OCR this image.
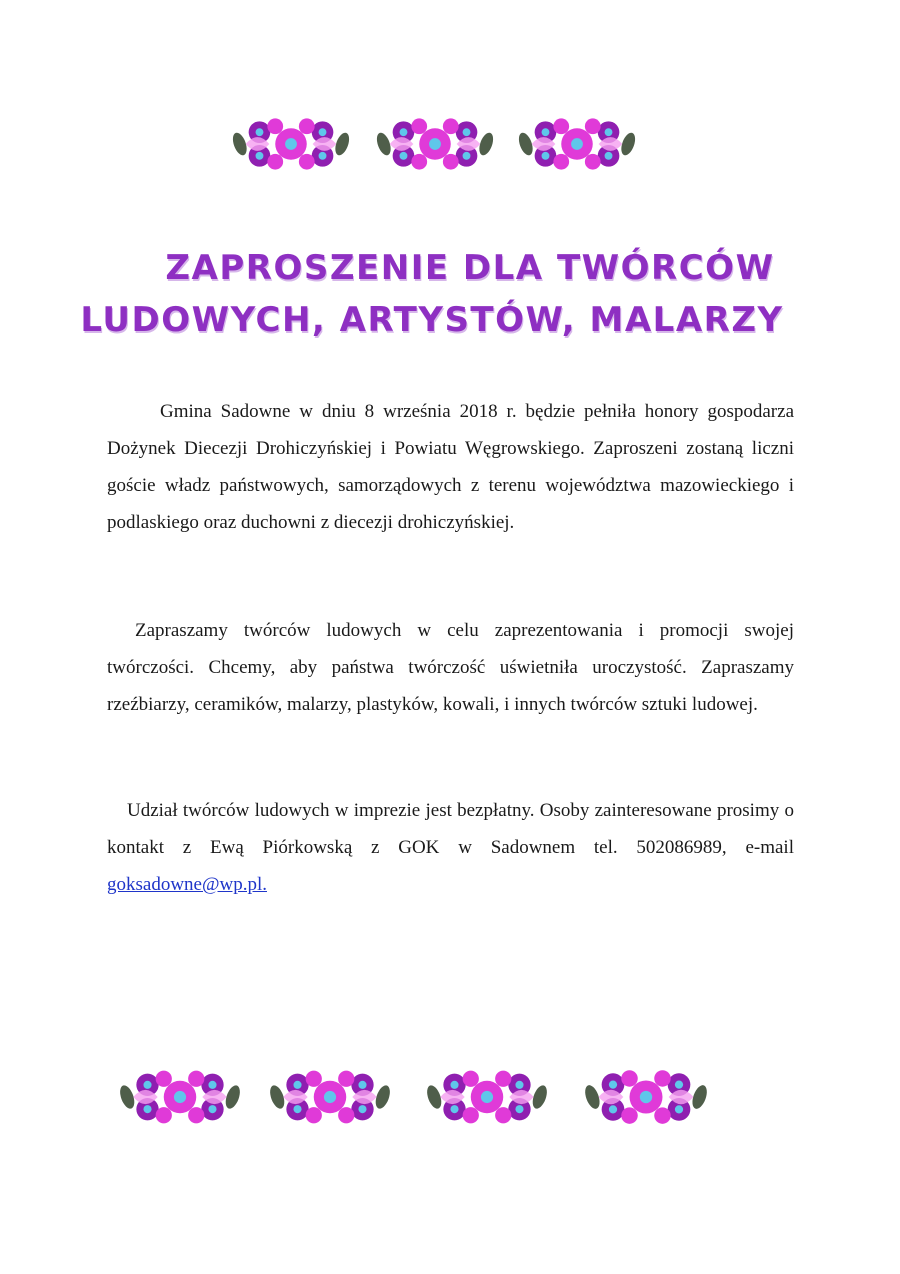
ZAPROSZENIE DLA TWÓRCÓW
LUDOWYCH, ARTYSTÓW, MALARZY

Gmina Sadowne w dniu 8 września 2018 r. będzie pełniła honory gospodarza Dożynek Diecezji Drohiczyńskiej i Powiatu Węgrowskiego. Zaproszeni zostaną liczni goście władz państwowych, samorządowych z terenu województwa mazowieckiego i podlaskiego oraz duchowni z diecezji drohiczyńskiej.

Zapraszamy twórców ludowych w celu zaprezentowania i promocji swojej twórczości. Chcemy, aby państwa twórczość uświetniła uroczystość. Zapraszamy rzeźbiarzy, ceramików, malarzy, plastyków, kowali, i innych twórców sztuki ludowej.

Udział twórców ludowych w imprezie jest bezpłatny. Osoby zainteresowane prosimy o kontakt z Ewą Piórkowską z GOK w Sadownem tel. 502086989, e-mail goksadowne@wp.pl.
